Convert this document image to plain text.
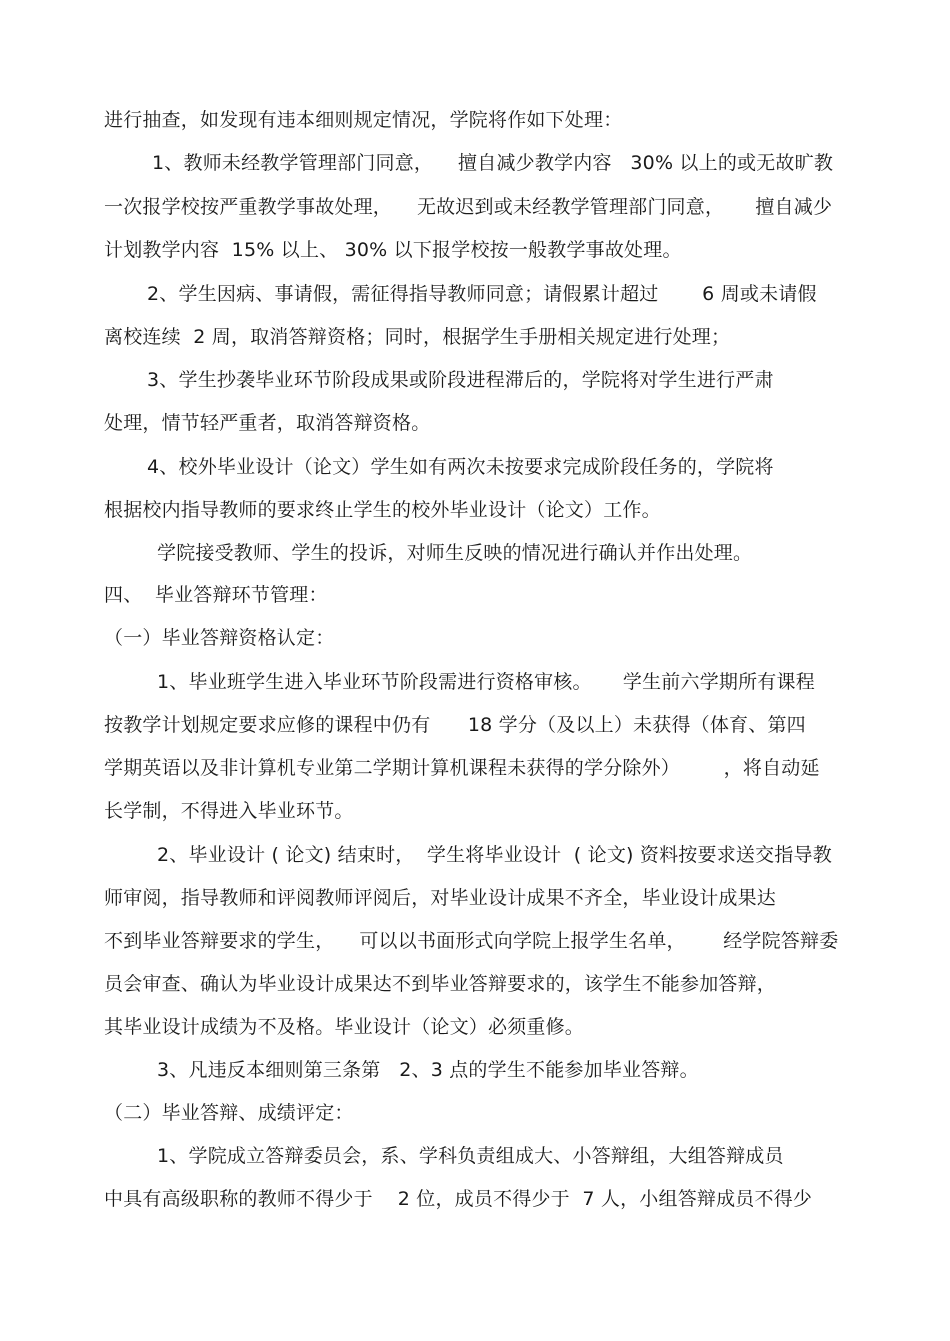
进行抽查，如发现有违本细则规定情况，学院将作如下处理：
1、教师未经教学管理部门同意，    擅自减少教学内容   30% 以上的或无故旷教
一次报学校按严重教学事故处理，    无故迟到或未经教学管理部门同意，     擅自减少
计划教学内容  15% 以上、 30% 以下报学校按一般教学事故处理。
2、学生因病、事请假，需征得指导教师同意；请假累计超过       6 周或未请假
离校连续  2 周，取消答辩资格；同时，根据学生手册相关规定进行处理；
3、学生抄袭毕业环节阶段成果或阶段进程滞后的，学院将对学生进行严肃
处理，情节轻严重者，取消答辩资格。
4、校外毕业设计（论文）学生如有两次未按要求完成阶段任务的，学院将
根据校内指导教师的要求终止学生的校外毕业设计（论文）工作。
学院接受教师、学生的投诉，对师生反映的情况进行确认并作出处理。
四、  毕业答辩环节管理：
（一）毕业答辩资格认定：
1、毕业班学生进入毕业环节阶段需进行资格审核。     学生前六学期所有课程
按教学计划规定要求应修的课程中仍有      18 学分（及以上）未获得（体育、第四
学期英语以及非计算机专业第二学期计算机课程未获得的学分除外）       ，将自动延
长学制，不得进入毕业环节。
2、毕业设计 ( 论文) 结束时，  学生将毕业设计  ( 论文) 资料按要求送交指导教
师审阅，指导教师和评阅教师评阅后，对毕业设计成果不齐全，毕业设计成果达
不到毕业答辩要求的学生，    可以以书面形式向学院上报学生名单，      经学院答辩委
员会审查、确认为毕业设计成果达不到毕业答辩要求的，该学生不能参加答辩，
其毕业设计成绩为不及格。毕业设计（论文）必须重修。
3、凡违反本细则第三条第   2、3 点的学生不能参加毕业答辩。
（二）毕业答辩、成绩评定：
1、学院成立答辩委员会，系、学科负责组成大、小答辩组，大组答辩成员
中具有高级职称的教师不得少于    2 位，成员不得少于  7 人，小组答辩成员不得少
